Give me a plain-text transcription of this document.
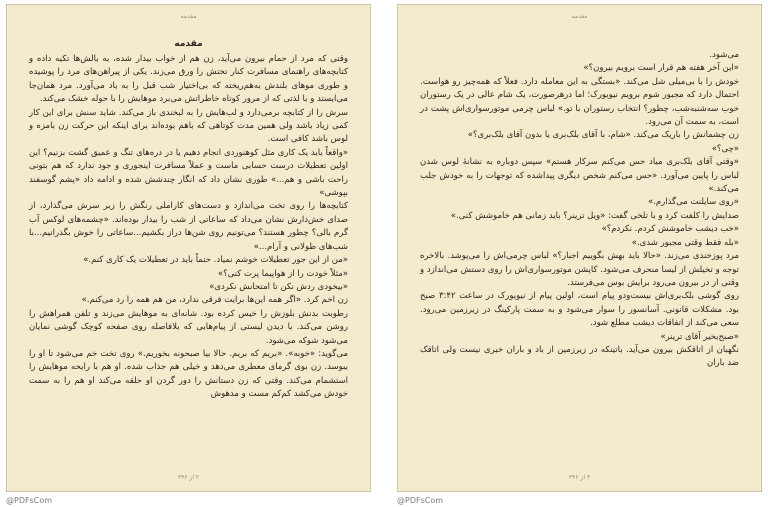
مقدمه
مقدمه

وقتی که مرد از حمام بیرون می‌آید، زن هم از خواب بیدار شده، به بالش‌ها تکیه داده و کتابچه‌های راهنمای مسافرت کنار تختش را ورق می‌زند. یکی از پیراهن‌های مرد را پوشیده و طوری موهای بلندش به‌هم‌ریخته که بی‌اختیار شب قبل را به یاد می‌آورد. مرد همان‌جا می‌ایستد و با لذتی که از مرور کوتاه خاطراتش می‌برد موهایش را با حوله خشک می‌کند.

سرش را از کتابچه برمی‌دارد و لب‌هایش را به لبخندی باز می‌کند. شاید سنش برای این کار کمی زیاد باشد ولی همین مدت کوتاهی که باهم بوده‌اند برای اینکه این حرکت زن بامزه و لوس باشد کافی است.

«واقعاً باید یک کاری مثل کوهنوردی انجام دهیم یا در دره‌های تنگ و عمیق گشت بزنیم؟ این اولین تعطیلات درست حسابی ماست و عملاً مسافرت اینجوری و جود ندارد که هم بتونی راحت باشی و هم...» طوری نشان داد که انگار چندشش شده و ادامه داد «پشم گوسفند بپوشی»

کتابچه‌ها را روی تخت می‌اندازد و دست‌های کاراملی رنگش را زیر سرش می‌گذارد، از صدای خش‌دارش نشان می‌داد که ساعاتی از شب را بیدار بوده‌اند. «چشمه‌های لوکس آب گرم بالی؟ چطور هستند؟ می‌تونیم روی شن‌ها دراز بکشیم...ساعاتی را خوش بگذرانیم...با شب‌های طولانی و آرام...»

«من از این جور تعطیلات خوشم نمیاد. حتماً باید در تعطیلات یک کاری کنم.»

«مثلاً خودت را از هواپیما پرت کنی؟»

«بیخودی ردش نکن تا امتحانش نکردی»

زن اخم کرد. «اگر همه این‌ها برایت فرقی ندارد، من هم همه را رد می‌کنم.»

رطوبت بدنش بلوزش را خیس کرده بود. شانه‌ای به موهایش می‌زند و تلفن همراهش را روشن می‌کند. با دیدن لیستی از پیام‌هایی که بلافاصله روی صفحه کوچک گوشی نمایان می‌شود شوکه می‌شود.

می‌گوید: «خوبه». «بریم که بریم. حالا بیا صبحونه بخوریم.» روی تخت خم می‌شود تا او را ببوسد. زن بوی گرمای معطری می‌دهد و خیلی هم جذاب شده. او هم با رایحه موهایش را استشمام می‌کند. وقتی که زن دستانش را دور گردن او حلقه می‌کند او هم را به سمت خودش می‌کشد کم‌کم مست و مدهوش

۲ از ۳۴۶
مقدمه

می‌شود.

«این آخر هفته هم قرار است برویم بیرون؟»

خودش را با بی‌میلی شل می‌کند. «بستگی به این معامله دارد. فعلاً که همه‌چیز رو هواست. احتمال دارد که مجبور شوم برویم نیویورک؛ اما درهرصورت، یک شام عالی در یک رستوران خوب سه‌شنبه‌شب، چطور؟ انتخاب رستوران با تو.» لباس چرمی موتورسواری‌اش پشت در است، به سمت آن می‌رود.

زن چشمانش را باریک می‌کند. «شام، با آقای بلک‌بری یا بدون آقای بلک‌بری؟»

«چی؟»

«وقتی آقای بلک‌بری میاد حس می‌کنم سرکار هستم» سپس دوباره به نشانهٔ لوس شدن لباس را پایین می‌آورد. «حس می‌کنم شخص دیگری پیداشده که توجهات را به خودش جلب می‌کند.»

«روی سایلنت می‌گذارم.»

صدایش را کلفت کرد و با تلخی گفت: «ویل ترینر؟ باید زمانی هم خاموشش کنی.»

«خب دیشب خاموشش کردم. نکردم؟»

«بله فقط وقتی مجبور شدی.»

مرد پوزخندی می‌زند. «حالا باید بهش بگوییم اجبار؟» لباس چرمی‌اش را می‌پوشد. بالاخره توجه و تخیلش از لیسا منحرف می‌شود. کاپشن موتورسواری‌اش را روی دستش می‌اندازد و وقتی از در بیرون می‌رود برایش بوس می‌فرستد.

روی گوشی بلک‌بری‌اش بیست‌ودو پیام است، اولین پیام از نیویورک در ساعت ۳:۴۲ صبح بود. مشکلات قانونی. آسانسور را سوار می‌شود و به سمت پارکینگ در زیرزمین می‌رود. سعی می‌کند از اتفاقات دیشب مطلع شود.

«صبح‌بخیر آقای ترینر»

نگهبان از اتاقکش بیرون می‌آید. باتینکه در زیرزمین از باد و باران خبری نیست ولی اتاقک ضد باران

۳ از ۳۴۶
@PDFsCom	@PDFsCom
